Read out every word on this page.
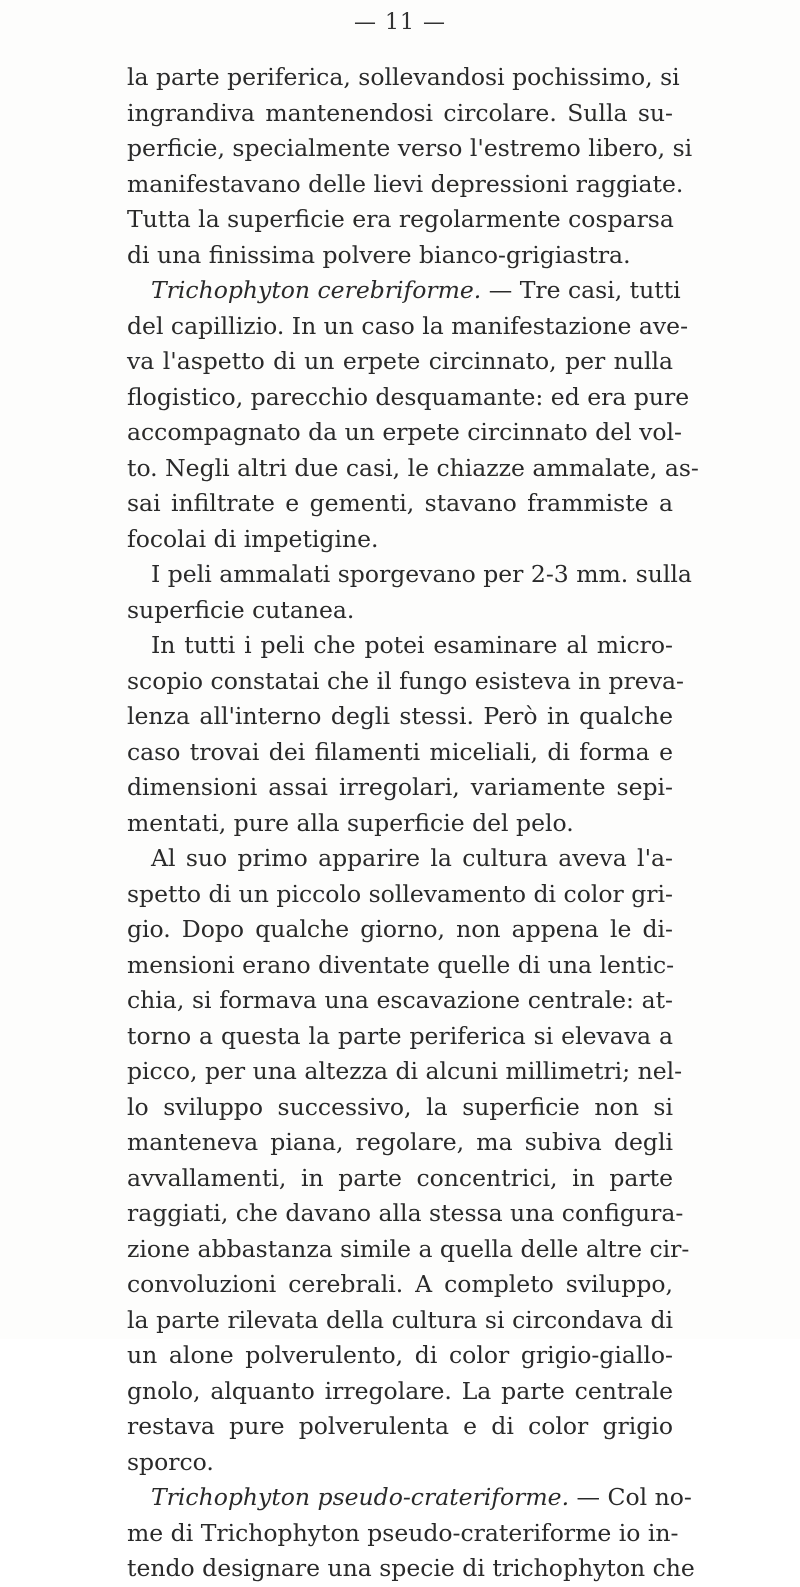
— 11 —
la parte periferica, sollevandosi pochissimo, si
ingrandiva mantenendosi circolare. Sulla su-
perficie, specialmente verso l'estremo libero, si
manifestavano delle lievi depressioni raggiate.
Tutta la superficie era regolarmente cosparsa
di una finissima polvere bianco-grigiastra.
Trichophyton cerebriforme. — Tre casi, tutti
del capillizio. In un caso la manifestazione ave-
va l'aspetto di un erpete circinnato, per nulla
flogistico, parecchio desquamante: ed era pure
accompagnato da un erpete circinnato del vol-
to. Negli altri due casi, le chiazze ammalate, as-
sai infiltrate e gementi, stavano frammiste a
focolai di impetigine.
I peli ammalati sporgevano per 2-3 mm. sulla
superficie cutanea.
In tutti i peli che potei esaminare al micro-
scopio constatai che il fungo esisteva in preva-
lenza all'interno degli stessi. Però in qualche
caso trovai dei filamenti miceliali, di forma e
dimensioni assai irregolari, variamente sepi-
mentati, pure alla superficie del pelo.
Al suo primo apparire la cultura aveva l'a-
spetto di un piccolo sollevamento di color gri-
gio. Dopo qualche giorno, non appena le di-
mensioni erano diventate quelle di una lentic-
chia, si formava una escavazione centrale: at-
torno a questa la parte periferica si elevava a
picco, per una altezza di alcuni millimetri; nel-
lo sviluppo successivo, la superficie non si
manteneva piana, regolare, ma subiva degli
avvallamenti, in parte concentrici, in parte
raggiati, che davano alla stessa una configura-
zione abbastanza simile a quella delle altre cir-
convoluzioni cerebrali. A completo sviluppo,
la parte rilevata della cultura si circondava di
un alone polverulento, di color grigio-giallo-
gnolo, alquanto irregolare. La parte centrale
restava pure polverulenta e di color grigio
sporco.
Trichophyton pseudo-crateriforme. — Col no-
me di Trichophyton pseudo-crateriforme io in-
tendo designare una specie di trichophyton che
